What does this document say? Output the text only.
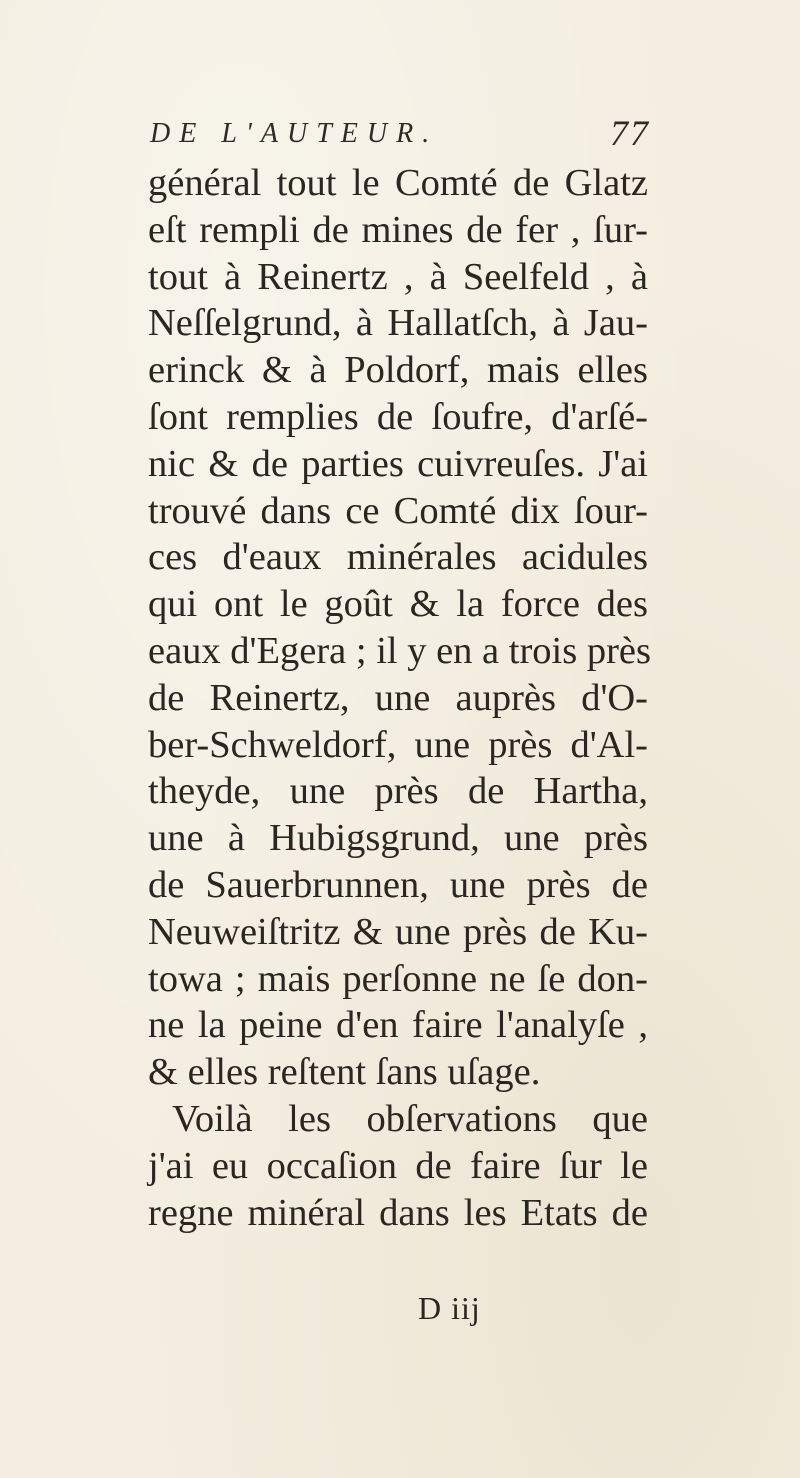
DE L'AUTEUR.	77
général tout le Comté de Glatz
eſt rempli de mines de fer , ſur-
tout à Reinertz , à Seelfeld , à
Neſſelgrund, à Hallatſch, à Jau-
erinck & à Poldorf, mais elles
ſont remplies de ſoufre, d'arſé-
nic & de parties cuivreuſes. J'ai
trouvé dans ce Comté dix ſour-
ces d'eaux minérales acidules
qui ont le goût & la force des
eaux d'Egera ; il y en a trois près
de Reinertz, une auprès d'O-
ber-Schweldorf, une près d'Al-
theyde, une près de Hartha,
une à Hubigsgrund, une près
de Sauerbrunnen, une près de
Neuweiſtritz & une près de Ku-
towa ; mais perſonne ne ſe don-
ne la peine d'en faire l'analyſe ,
& elles reſtent ſans uſage.
Voilà les obſervations que
j'ai eu occaſion de faire ſur le
regne minéral dans les Etats de
D iij
